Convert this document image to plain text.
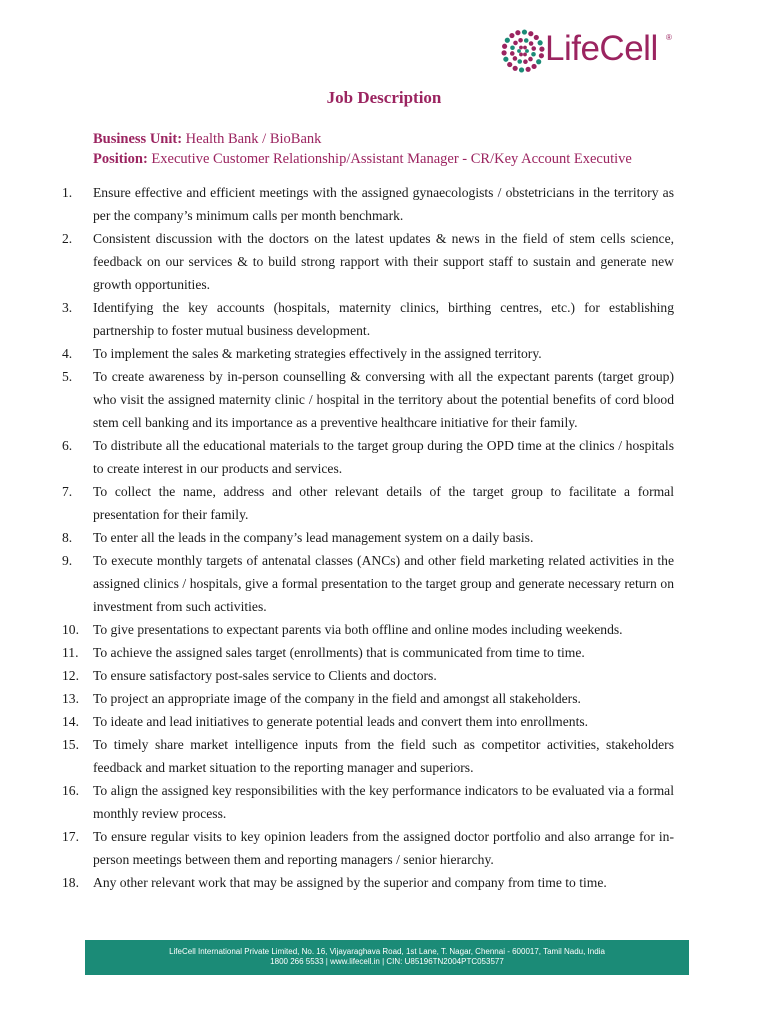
LifeCell ®
Job Description
Business Unit: Health Bank / BioBank
Position: Executive Customer Relationship/Assistant Manager - CR/Key Account Executive
1.	Ensure effective and efficient meetings with the assigned gynaecologists / obstetricians in the territory as per the company’s minimum calls per month benchmark.
2.	Consistent discussion with the doctors on the latest updates & news in the field of stem cells science, feedback on our services & to build strong rapport with their support staff to sustain and generate new growth opportunities.
3.	Identifying the key accounts (hospitals, maternity clinics, birthing centres, etc.) for establishing partnership to foster mutual business development.
4.	To implement the sales & marketing strategies effectively in the assigned territory.
5.	To create awareness by in-person counselling & conversing with all the expectant parents (target group) who visit the assigned maternity clinic / hospital in the territory about the potential benefits of cord blood stem cell banking and its importance as a preventive healthcare initiative for their family.
6.	To distribute all the educational materials to the target group during the OPD time at the clinics / hospitals to create interest in our products and services.
7.	To collect the name, address and other relevant details of the target group to facilitate a formal presentation for their family.
8.	To enter all the leads in the company’s lead management system on a daily basis.
9.	To execute monthly targets of antenatal classes (ANCs) and other field marketing related activities in the assigned clinics / hospitals, give a formal presentation to the target group and generate necessary return on investment from such activities.
10.	To give presentations to expectant parents via both offline and online modes including weekends.
11.	To achieve the assigned sales target (enrollments) that is communicated from time to time.
12.	To ensure satisfactory post-sales service to Clients and doctors.
13.	To project an appropriate image of the company in the field and amongst all stakeholders.
14.	To ideate and lead initiatives to generate potential leads and convert them into enrollments.
15.	To timely share market intelligence inputs from the field such as competitor activities, stakeholders feedback and market situation to the reporting manager and superiors.
16.	To align the assigned key responsibilities with the key performance indicators to be evaluated via a formal monthly review process.
17.	To ensure regular visits to key opinion leaders from the assigned doctor portfolio and also arrange for in-person meetings between them and reporting managers / senior hierarchy.
18.	Any other relevant work that may be assigned by the superior and company from time to time.
LifeCell International Private Limited, No. 16, Vijayaraghava Road, 1st Lane, T. Nagar, Chennai - 600017, Tamil Nadu, India
1800 266 5533 | www.lifecell.in | CIN: U85196TN2004PTC053577
